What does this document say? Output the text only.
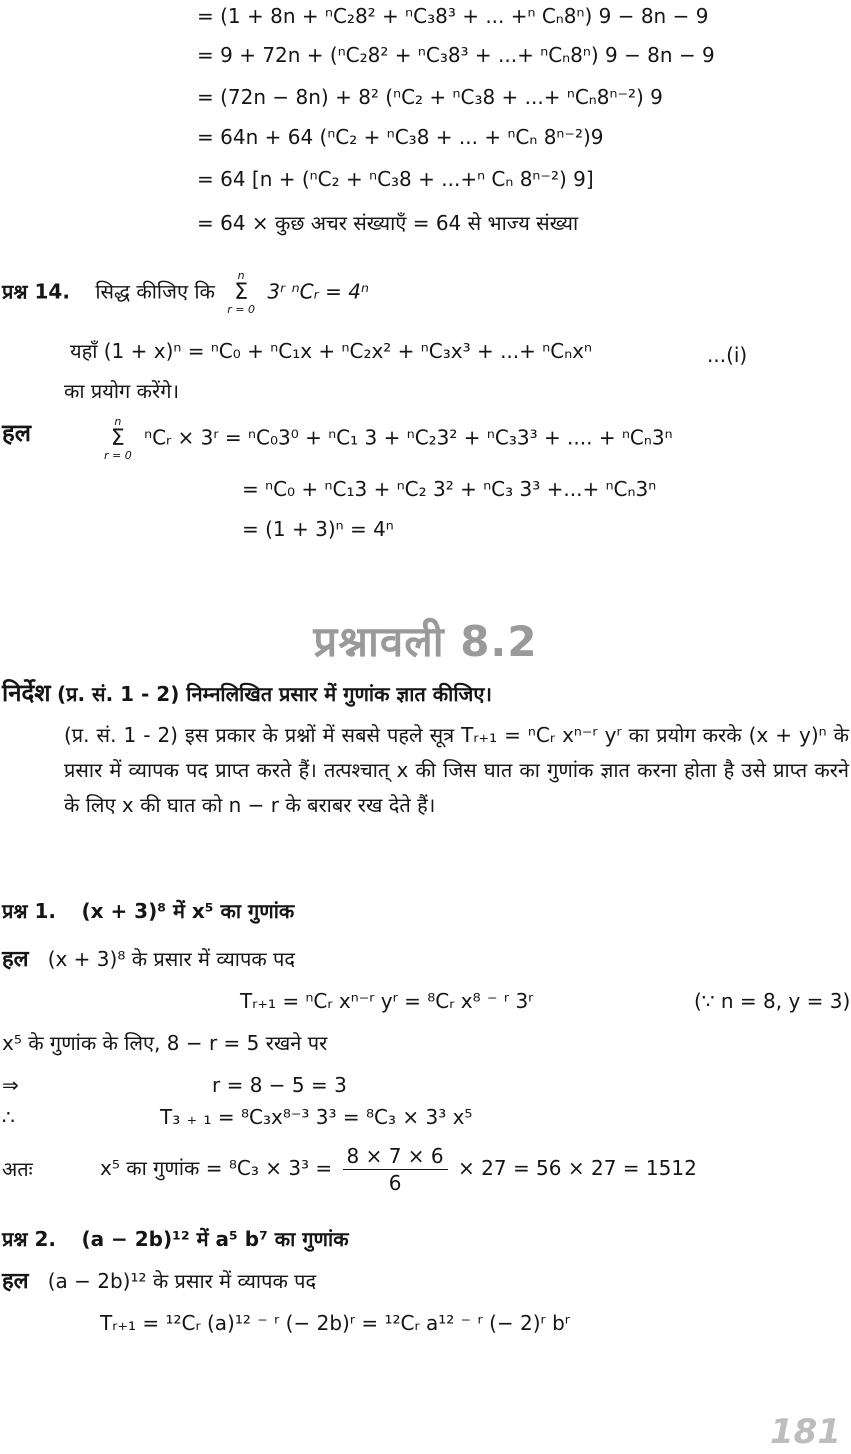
= (1 + 8n + ⁿC₂8² + ⁿC₃8³ + ... +ⁿ Cₙ8ⁿ) 9 − 8n − 9
= 9 + 72n + (ⁿC₂8² + ⁿC₃8³ + ...+ ⁿCₙ8ⁿ) 9 − 8n − 9
= (72n − 8n) + 8² (ⁿC₂ + ⁿC₃8 + ...+ ⁿCₙ8ⁿ⁻²) 9
= 64n + 64 (ⁿC₂ + ⁿC₃8 + ... + ⁿCₙ 8ⁿ⁻²)9
= 64 [n + (ⁿC₂ + ⁿC₃8 + ...+ⁿ Cₙ 8ⁿ⁻²) 9]
= 64 × कुछ अचर संख्याएँ = 64 से भाज्य संख्या
प्रश्न 14. सिद्ध कीजिए कि
n
Σ
r = 0
3ʳ ⁿCᵣ = 4ⁿ
यहाँ (1 + x)ⁿ = ⁿC₀ + ⁿC₁x + ⁿC₂x² + ⁿC₃x³ + ...+ ⁿCₙxⁿ	...(i)
का प्रयोग करेंगे।
हल	n
Σ
r = 0
ⁿCᵣ × 3ʳ = ⁿC₀3⁰ + ⁿC₁ 3 + ⁿC₂3² + ⁿC₃3³ + .... + ⁿCₙ3ⁿ
= ⁿC₀ + ⁿC₁3 + ⁿC₂ 3² + ⁿC₃ 3³ +...+ ⁿCₙ3ⁿ
= (1 + 3)ⁿ = 4ⁿ
प्रश्नावली 8.2
निर्देश (प्र. सं. 1 - 2) निम्नलिखित प्रसार में गुणांक ज्ञात कीजिए।
(प्र. सं. 1 - 2) इस प्रकार के प्रश्नों में सबसे पहले सूत्र Tᵣ₊₁ = ⁿCᵣ xⁿ⁻ʳ yʳ का प्रयोग करके (x + y)ⁿ के प्रसार में व्यापक पद प्राप्त करते हैं। तत्पश्चात् x की जिस घात का गुणांक ज्ञात करना होता है उसे प्राप्त करने के लिए x की घात को n − r के बराबर रख देते हैं।
प्रश्न 1. (x + 3)⁸ में x⁵ का गुणांक
हल (x + 3)⁸ के प्रसार में व्यापक पद
Tᵣ₊₁ = ⁿCᵣ xⁿ⁻ʳ yʳ = ⁸Cᵣ x⁸ ⁻ ʳ 3ʳ	(∵ n = 8, y = 3)
x⁵ के गुणांक के लिए, 8 − r = 5 रखने पर
⇒	r = 8 − 5 = 3
∴	T₃ ₊ ₁ = ⁸C₃x⁸⁻³ 3³ = ⁸C₃ × 3³ x⁵
अतः	x⁵ का गुणांक = $^8C_3 \times 3^3 = \frac{8 \times 7 \times 6}{6} \times 27 = 56 \times 27 = 1512$
प्रश्न 2. (a − 2b)¹² में a⁵ b⁷ का गुणांक
हल (a − 2b)¹² के प्रसार में व्यापक पद
Tᵣ₊₁ = ¹²Cᵣ (a)¹² ⁻ ʳ (− 2b)ʳ = ¹²Cᵣ a¹² ⁻ ʳ (− 2)ʳ bʳ
181
